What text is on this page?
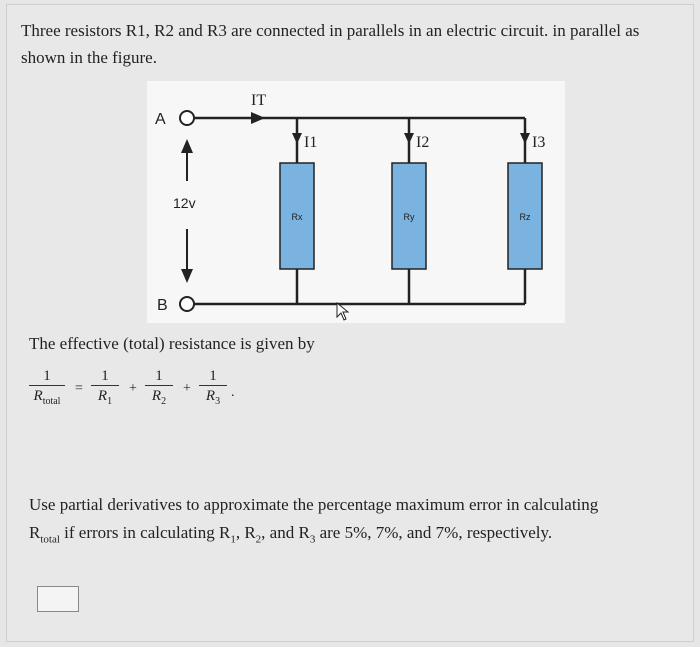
Three resistors R1, R2 and R3 are connected in parallels in an electric circuit. in parallel as shown in the figure.
A
B
12v
IT
I1	I2	I3
Rx	Ry	Rz
The effective (total) resistance is given by
1
$R_{total}$
=
1
$R_1$
+
1
$R_2$
+
1
$R_3$
.
Use partial derivatives to approximate the percentage maximum error in calculating
$R_{total}$ if errors in calculating $R_1$, $R_2$, and $R_3$ are 5%, 7%, and 7%, respectively.
